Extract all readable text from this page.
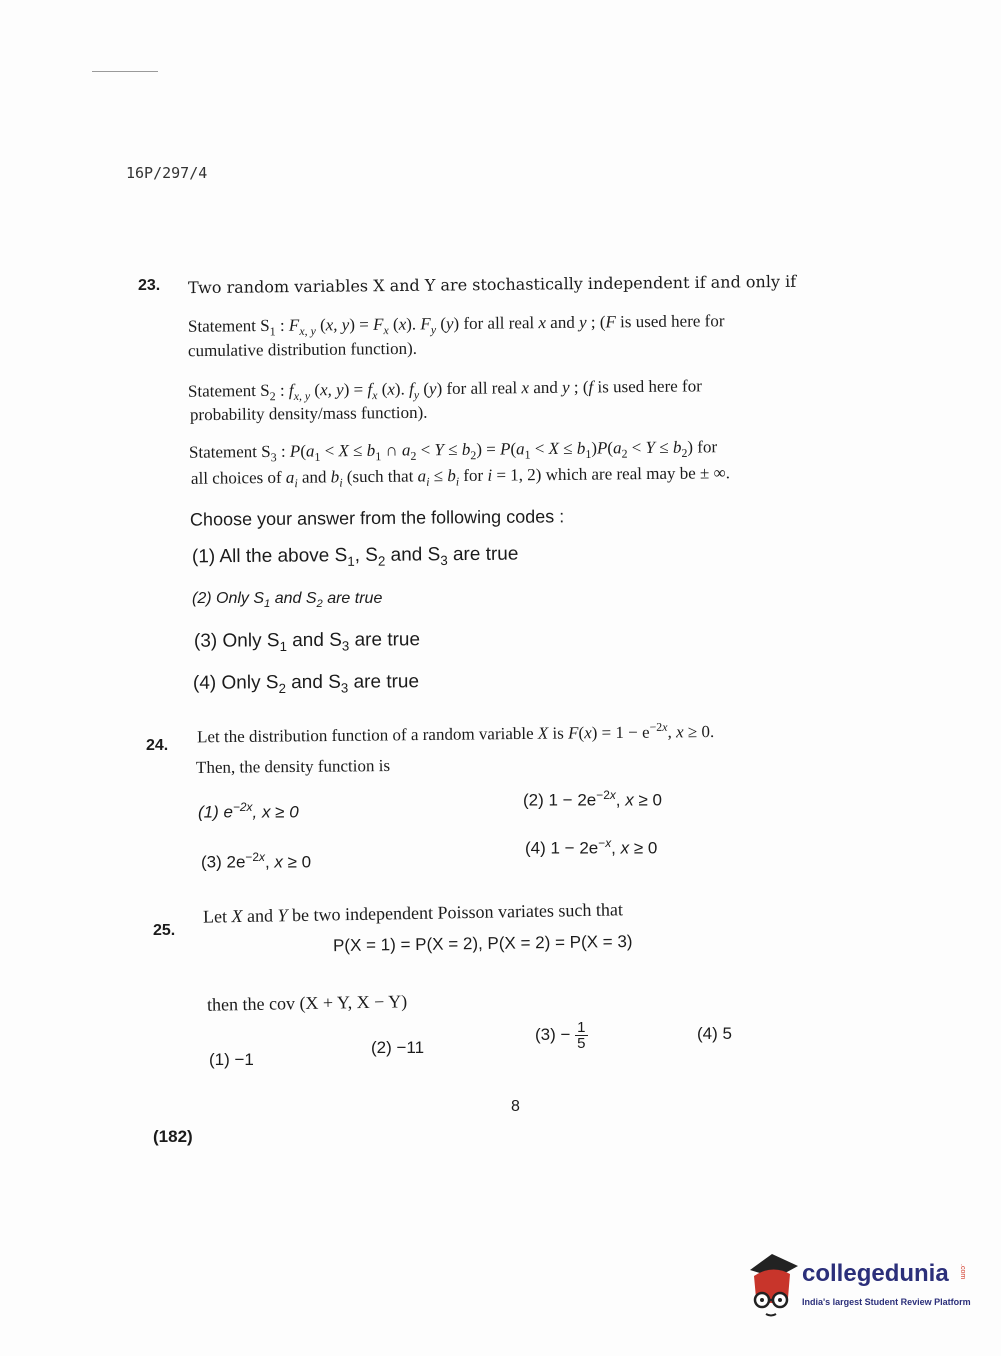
16P/297/4
23. Two random variables X and Y are stochastically independent if and only if
Statement $S_1$ : $F_{x, y}$ (x, $y) = F_x$ (x). $F_y$ (y) for all real x and y ; (F is used here for
cumulative distribution function).
Statement $S_2$ : $f_{x, y}$ (x, $y) = f_x$ (x). $f_y$ (y) for all real x and y ; (f is used here for
probability density/mass function).
Statement $S_3$ : $P(a_1 < X \le b_1$ ∩ $a_2 < Y \le b_2) = P(a_1 < X \le b_1)P(a_2 < Y \le b_2)$ for
all choices of $a_i$ and $b_i$ (such that $a_i \le b_i$ for i = 1, 2) which are real may be ± ∞.
Choose your answer from the following codes :
(1) All the above $S_1$, $S_2$ and $S_3$ are true
(2) Only $S_1$ and $S_2$ are true
(3) Only $S_1$ and $S_3$ are true
(4) Only $S_2$ and $S_3$ are true
24. Let the distribution function of a random variable X is $F(x) = 1 - e^{-2x}$, x ≥ 0.
Then, the density function is
(1) $e^{-2x}$, x ≥ 0
(2) $1 - 2e^{-2x}$, x ≥ 0
(3) $2e^{-2x}$, x ≥ 0
(4) $1 - 2e^{-x}$, x ≥ 0
25.
Let X and Y be two independent Poisson variates such that
P(X = 1) = P(X = 2), P(X = 2) = P(X = 3)
then the cov (X + Y, X − Y)
(1) −1
(2) −11
$(3) - \frac{1}{5}$	(4) 5
8
(182)
collegedunia
India's largest Student Review Platform
.com
